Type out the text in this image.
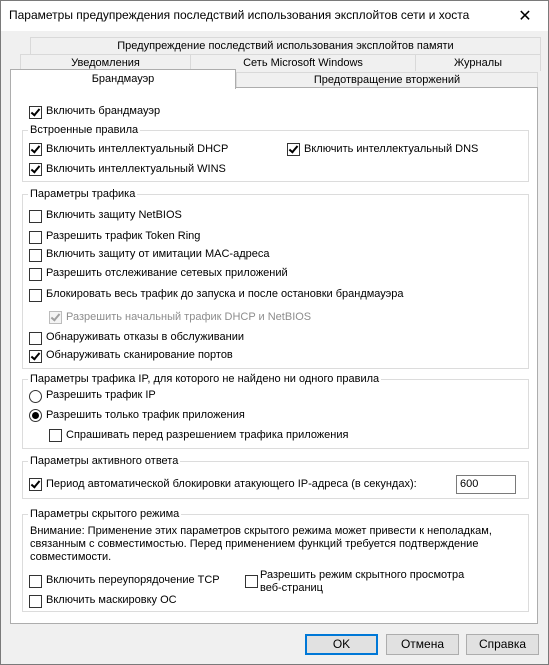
Параметры предупреждения последствий использования эксплойтов сети и хоста	✕
Предупреждение последствий использования эксплойтов памяти
Уведомления	Сеть Microsoft Windows	Журналы
Брандмауэр	Предотвращение вторжений
Включить брандмауэр
Встроенные правила
Включить интеллектуальный DHCP	Включить интеллектуальный DNS
Включить интеллектуальный WINS
Параметры трафика
Включить защиту NetBIOS
Разрешить трафик Token Ring
Включить защиту от имитации MAC-адреса
Разрешить отслеживание сетевых приложений
Блокировать весь трафик до запуска и после остановки брандмауэра
Разрешить начальный трафик DHCP и NetBIOS
Обнаруживать отказы в обслуживании
Обнаруживать сканирование портов
Параметры трафика IP, для которого не найдено ни одного правила
Разрешить трафик IP
Разрешить только трафик приложения
Спрашивать перед разрешением трафика приложения
Параметры активного ответа
Период автоматической блокировки атакующего IP-адреса (в секундах):	600
Параметры скрытого режима
Внимание: Применение этих параметров скрытого режима может привести к неполадкам, связанным с совместимостью. Перед применением функций требуется подтверждение совместимости.
Включить переупорядочение TCP
Включить маскировку ОС
Разрешить режим скрытного просмотра
веб-страниц
OK	Отмена	Справка
